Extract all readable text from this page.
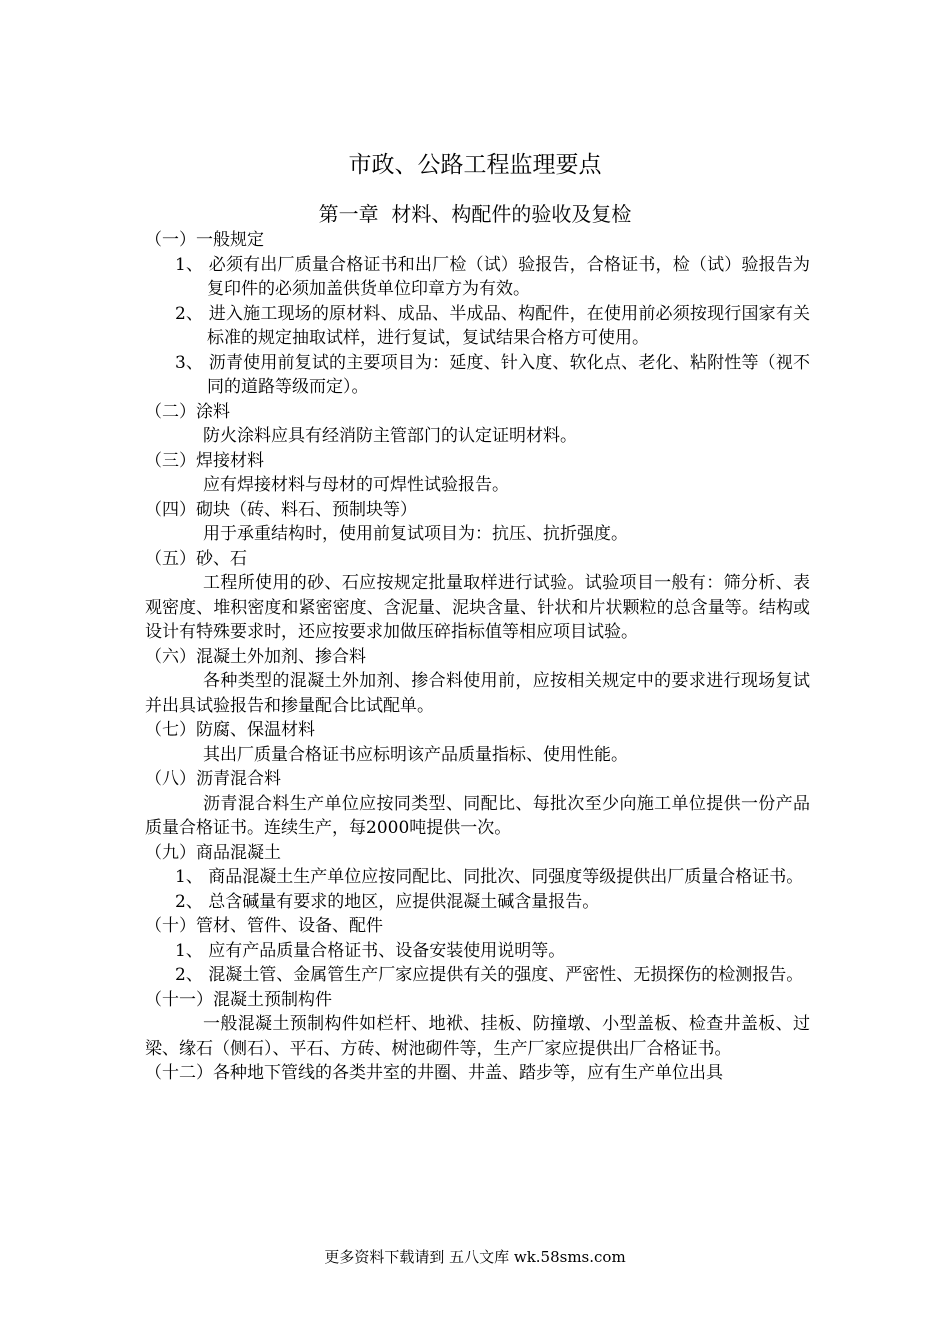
市政、公路工程监理要点
第一章  材料、构配件的验收及复检

（一）一般规定

1、 必须有出厂质量合格证书和出厂检（试）验报告，合格证书，检（试）验报告为复印件的必须加盖供货单位印章方为有效。

2、 进入施工现场的原材料、成品、半成品、构配件，在使用前必须按现行国家有关标准的规定抽取试样，进行复试，复试结果合格方可使用。

3、 沥青使用前复试的主要项目为：延度、针入度、软化点、老化、粘附性等（视不同的道路等级而定）。

（二）涂料

防火涂料应具有经消防主管部门的认定证明材料。

（三）焊接材料

应有焊接材料与母材的可焊性试验报告。

（四）砌块（砖、料石、预制块等）

用于承重结构时，使用前复试项目为：抗压、抗折强度。

（五）砂、石

工程所使用的砂、石应按规定批量取样进行试验。试验项目一般有：筛分析、表观密度、堆积密度和紧密密度、含泥量、泥块含量、针状和片状颗粒的总含量等。结构或设计有特殊要求时，还应按要求加做压碎指标值等相应项目试验。

（六）混凝土外加剂、掺合料

各种类型的混凝土外加剂、掺合料使用前，应按相关规定中的要求进行现场复试并出具试验报告和掺量配合比试配单。

（七）防腐、保温材料

其出厂质量合格证书应标明该产品质量指标、使用性能。

（八）沥青混合料

沥青混合料生产单位应按同类型、同配比、每批次至少向施工单位提供一份产品质量合格证书。连续生产，每2000吨提供一次。

（九）商品混凝土

1、 商品混凝土生产单位应按同配比、同批次、同强度等级提供出厂质量合格证书。

2、 总含碱量有要求的地区，应提供混凝土碱含量报告。

（十）管材、管件、设备、配件

1、 应有产品质量合格证书、设备安装使用说明等。

2、 混凝土管、金属管生产厂家应提供有关的强度、严密性、无损探伤的检测报告。

（十一）混凝土预制构件

一般混凝土预制构件如栏杆、地袱、挂板、防撞墩、小型盖板、检查井盖板、过梁、缘石（侧石）、平石、方砖、树池砌件等，生产厂家应提供出厂合格证书。

（十二）各种地下管线的各类井室的井圈、井盖、踏步等，应有生产单位出具

更多资料下载请到 五八文库 wk.58sms.com
